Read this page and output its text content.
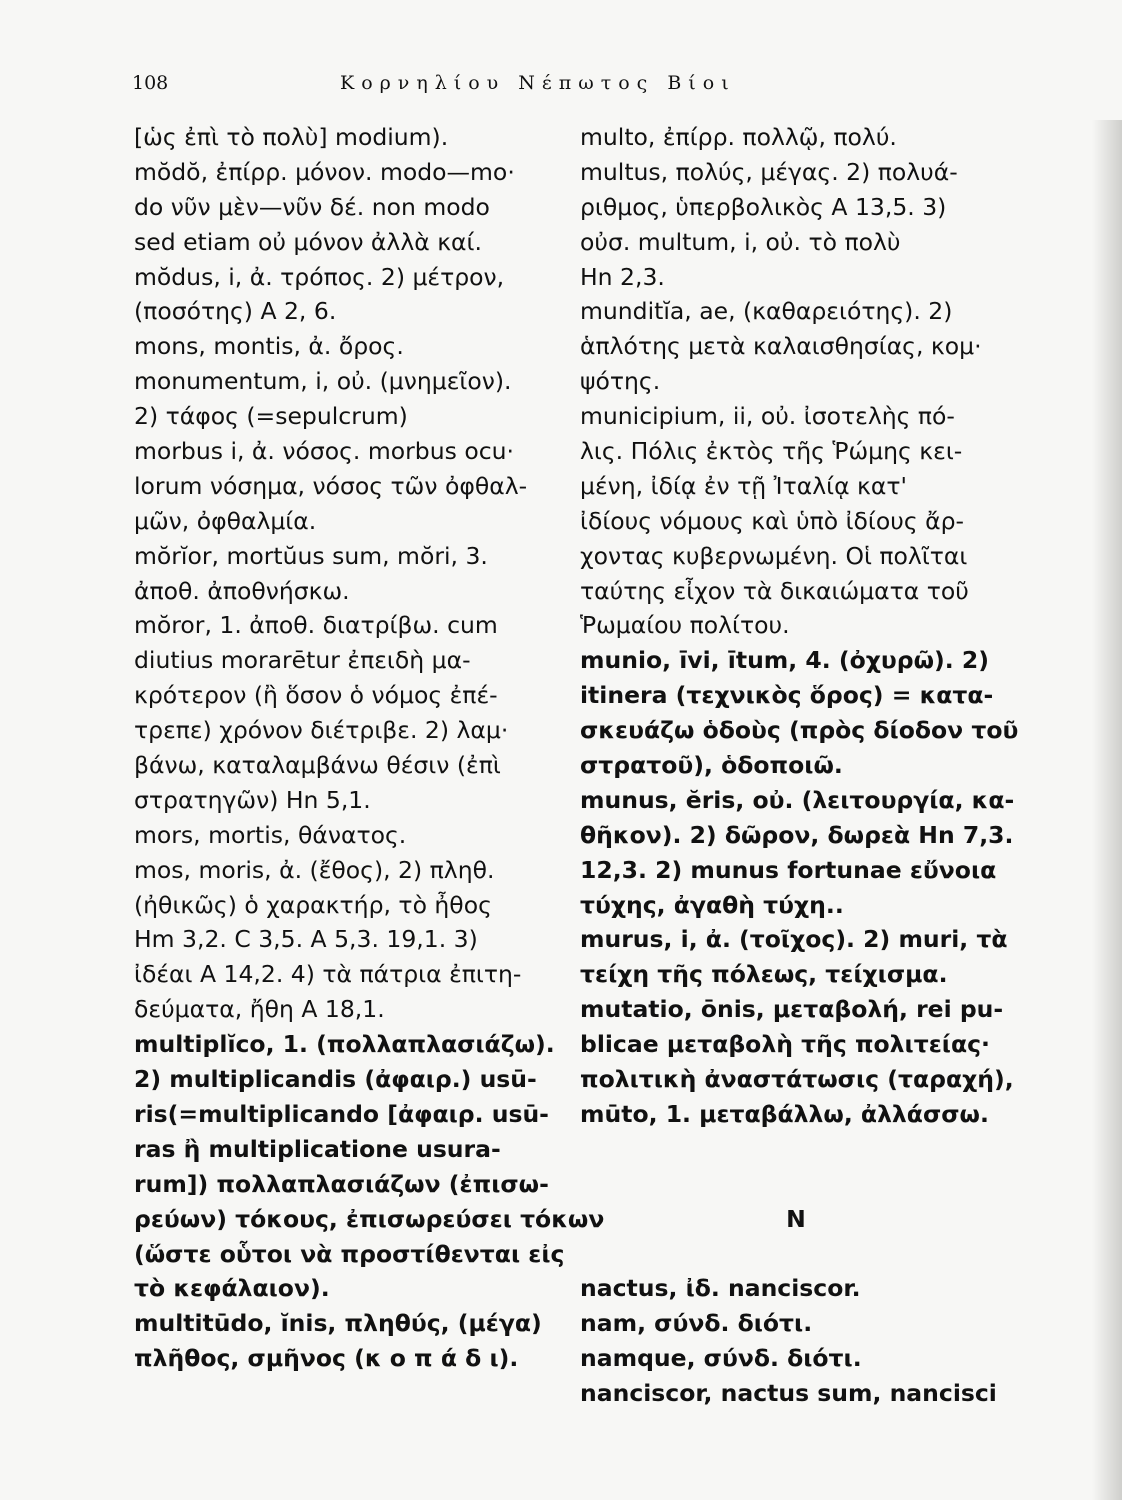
108	Κορνηλίου Νέπωτος Βίοι
[ὡς ἐπὶ τὸ πολὺ] modium).
mŏdŏ, ἐπίρρ. μόνον. modo—mo·
do νῦν μὲν—νῦν δέ. non modo
sed etiam οὐ μόνον ἀλλὰ καί.
mŏdus, i, ἀ. τρόπος. 2) μέτρον,
(ποσότης) A 2, 6.
mons, montis, ἀ. ὄρος.
monumentum, i, οὐ. (μνημεῖον).
2) τάφος (=sepulcrum)
morbus i, ἀ. νόσος. morbus ocu·
lorum νόσημα, νόσος τῶν ὀφθαλ-
μῶν, ὀφθαλμία.
mŏrĭor, mortŭus sum, mŏri, 3.
ἀποθ. ἀποθνήσκω.
mŏror, 1. ἀποθ. διατρίβω. cum
diutius morarētur ἐπειδὴ μα-
κρότερον (ἢ ὅσον ὁ νόμος ἐπέ-
τρεπε) χρόνον διέτριβε. 2) λαμ·
βάνω, καταλαμβάνω θέσιν (ἐπὶ
στρατηγῶν) Hn 5,1.
mors, mortis, θάνατος.
mos, moris, ἀ. (ἔθος), 2) πληθ.
(ἠθικῶς) ὁ χαρακτήρ, τὸ ἦθος
Hm 3,2. C 3,5. A 5,3. 19,1. 3)
ἰδέαι A 14,2. 4) τὰ πάτρια ἐπιτη-
δεύματα, ἤθη A 18,1.
multiplĭco, 1. (πολλαπλασιάζω).
2) multiplicandis (ἀφαιρ.) usū-
ris(=multiplicando [ἀφαιρ. usū-
ras ἢ multiplicatione usura-
rum]) πολλαπλασιάζων (ἐπισω-
ρεύων) τόκους, ἐπισωρεύσει τόκων
(ὥστε οὗτοι νὰ προστίθενται εἰς
τὸ κεφάλαιον).
multitūdo, ĭnis, πληθύς, (μέγα)
πλῆθος, σμῆνος (κ ο π ά δ ι).
multo, ἐπίρρ. πολλῷ, πολύ.
multus, πολύς, μέγας. 2) πολυά-
ριθμος, ὑπερβολικὸς A 13,5. 3)
οὐσ. multum, i, οὐ. τὸ πολὺ
Hn 2,3.
munditĭa, ae, (καθαρειότης). 2)
ἁπλότης μετὰ καλαισθησίας, κομ·
ψότης.
municipium, ii, οὐ. ἰσοτελὴς πό-
λις. Πόλις ἐκτὸς τῆς Ῥώμης κει-
μένη, ἰδίᾳ ἐν τῇ Ἰταλίᾳ κατ'
ἰδίους νόμους καὶ ὑπὸ ἰδίους ἄρ-
χοντας κυβερνωμένη. Οἱ πολῖται
ταύτης εἶχον τὰ δικαιώματα τοῦ
Ῥωμαίου πολίτου.
munio, īvi, ītum, 4. (ὀχυρῶ). 2)
itinera (τεχνικὸς ὅρος) = κατα-
σκευάζω ὁδοὺς (πρὸς δίοδον τοῦ
στρατοῦ), ὁδοποιῶ.
munus, ĕris, οὐ. (λειτουργία, κα-
θῆκον). 2) δῶρον, δωρεὰ Hn 7,3.
12,3. 2) munus fortunae εὔνοια
τύχης, ἀγαθὴ τύχη..
murus, i, ἀ. (τοῖχος). 2) muri, τὰ
τείχη τῆς πόλεως, τείχισμα.
mutatio, ōnis, μεταβολή, rei pu-
blicae μεταβολὴ τῆς πολιτείας·
πολιτικὴ ἀναστάτωσις (ταραχή),
mūto, 1. μεταβάλλω, ἀλλάσσω.
N
nactus, ἰδ. nanciscor.
nam, σύνδ. διότι.
namque, σύνδ. διότι.
nanciscor, nactus sum, nancisci
